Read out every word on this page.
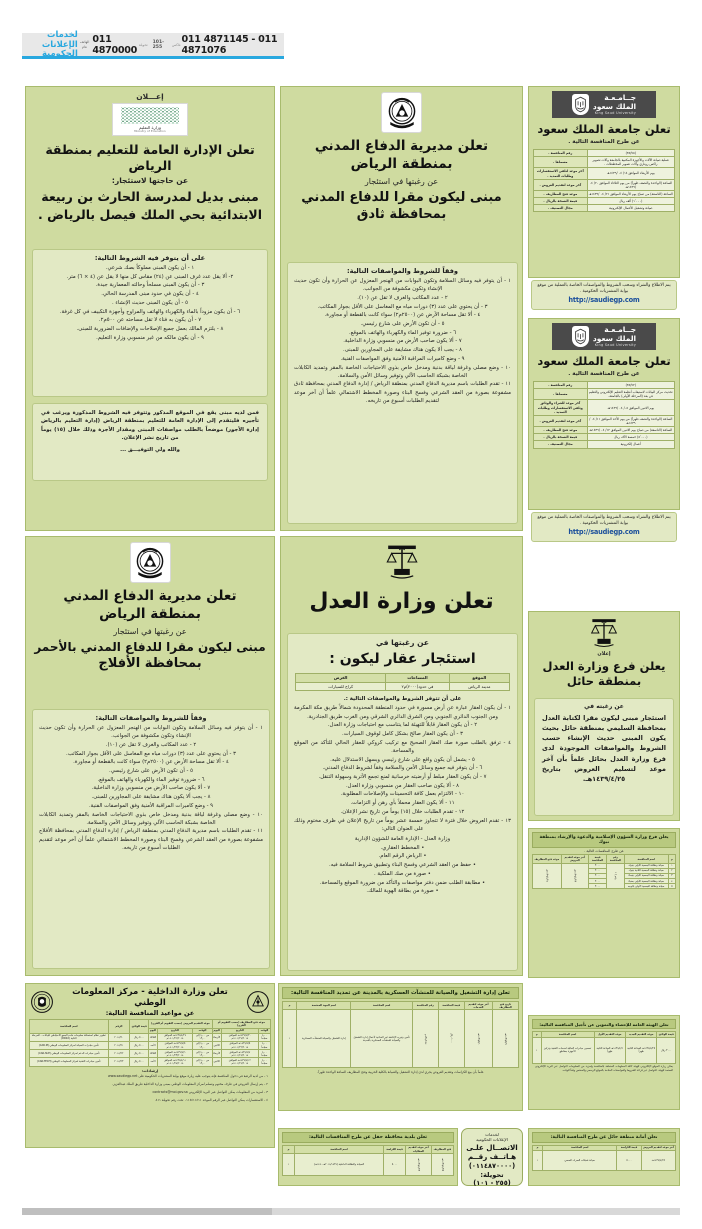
لخدمات
الإعلانات الحكومية
الهاتف
عام
011 4870000 تحويلة 101-255	فاكس 011 4871145 - 011 4871076
إعـــلان
وزارة التعليم
Ministry of Education
تعلن الإدارة العامة للتعليم بمنطقة الرياض
عن حاجتها لاستئجار:
مبنى بديل لمدرسة الحارث بن ربيعة
الابتدائية بحي الملك فيصل بالرياض .
على أن يتوفر فيه الشروط التالية:
١ - أن يكون المبنى مملوكاً بصك شرعي.
٢- ألا يقل عدد غرف المبنى عن (٢٤) مقاس كل منها لا يقل عن (٤ × ٦) متر.
٣ - أن يكون المبنى مسلحاً وحالته المعمارية جيدة.
٤ - أن يكون في حدود مبنى المدرسة الحالي.
٥ - أن يكون المبنى حديث الإنشاء .
٦ - أن يكون مزوداً بالماء والكهرباء والهاتف والمراوح وأجهزة التكييف في كل غرفة.
٧ - أن يكون به فناء لا تقل مساحته عن ٥٠٠م٢.
٨ - يلتزم المالك بعمل جميع الإصلاحات والإضافات الضرورية للمبنى.
٩ - أن يكون مالكه من غير منسوبي وزارة التعليم.
فمن لديه مبنى يقع في الموقع المذكور وتتوفر فيه الشروط المذكورة ويرغب في تأجيره فليتقدم إلى الإدارة العامة للتعليم بمنطقة الرياض (إدارة التعليم بالرياض إدارة الأجور) موضحاً بالطلب مواصفات المبنى ومقدار الأجرة وذلك خلال (١٥) يوماً من تاريخ نشر الإعلان.
والله ولي التوفيـــق ...
تعلن مديرية الدفاع المدني
بمنطقة الرياض
عن رغبتها في استئجار
مبنى ليكون مقرا للدفاع المدني
بمحافظة ثادق
وفقاً للشروط والمواصفات التالية:
١ - أن يتوفر فيه وسائل السلامة وتكون البوابات من الهنجر المعزول عن الحرارة وأن تكون حديث الإنشاء وتكون مكشوفة من الجوانب.
٢ - عدد المكاتب والغرف لا تقل عن (١٠).
٣ - أن يحتوي على عدد (٣) دورات مياه مع المغاسل على الأقل بجوار المكاتب.
٤ - ألا تقل مساحة الأرض عن (٢٥٠٠م٢) سواء كانت بالقطعة أو مجاورة.
٥ - أن تكون الأرض على شارع رئيسي.
٦ - ضرورة توفير الماء والكهرباء والهاتف بالموقع.
٧ - ألا يكون صاحب الأرض من منسوبي وزارة الداخلية.
٨ - يجب ألا يكون هناك مشايفة على المجاورين للمبنى.
٩ - وضع كاميرات المراقبة الأمنية وفق المواصفات الفنية.
١٠ - وضع مصلى وغرفة لياقة بدنية ومدخل خاص بذوي الاحتياجات الخاصة بالمقر وتمديد الكابلات الخاصة بشبكة الحاسب الآلي وتوفير وسائل الأمن والسلامة.
١١ - تقدم الطلبات باسم مديرية الدفاع المدني بمنطقة الرياض / إدارة الدفاع المدني بمحافظة ثادق مشفوعة بصورة من العقد الشرعي وفسح البناء وصورة المخطط الاشتمالي علماً أن آخر موعد لتقديم الطلبات أسبوع من تاريخه.
تعلن مديرية الدفاع المدني
بمنطقة الرياض
عن رغبتها في استئجار
مبنى ليكون مقرا للدفاع المدني بالأحمر
بمحافظة الأفلاج
وفقاً للشروط والمواصفات التالية:
١ - أن يتوفر فيه وسائل السلامة وتكون البوابات من الهنجر المعزول عن الحرارة وأن تكون حديث الإنشاء وتكون مكشوفة من الجوانب.
٢ - عدد المكاتب والغرف لا تقل عن (١٠).
٣ - أن يحتوي على عدد (٣) دورات مياه مع المغاسل على الأقل بجوار المكاتب.
٤ - ألا تقل مساحة الأرض عن (٢٥٠٠م٢) سواء كانت بالقطعة أو مجاورة.
٥ - أن تكون الأرض على شارع رئيسي.
٦ - ضرورة توفير الماء والكهرباء والهاتف بالموقع.
٧ - ألا يكون صاحب الأرض من منسوبي وزارة الداخلية.
٨ - يجب ألا يكون هناك مشايفة على المجاورين للمبنى.
٩ - وضع كاميرات المراقبة الأمنية وفق المواصفات الفنية.
١٠ - وضع مصلى وغرفة لياقة بدنية ومدخل خاص بذوي الاحتياجات الخاصة بالمقر وتمديد الكابلات الخاصة بشبكة الحاسب الآلي وتوفير وسائل الأمن والسلامة.
١١ - تقدم الطلبات باسم مديرية الدفاع المدني بمنطقة الرياض / إدارة الدفاع المدني بمحافظة الأفلاج مشفوعة بصورة من العقد الشرعي وفسح البناء وصورة المخطط الاشتمالي علماً أن آخر موعد لتقديم الطلبات أسبوع من تاريخه.
تعلن وزارة العدل
عن رغبتها في
استئجار عقار ليكون :
الموقع	المساحات	الغرض
مدينة الرياض	في حدود(٢٠٠٠)م٢	كراج للسيارات
على أن تتوفر الشروط والمواصفات التالية :.
١ - أن يكون العقار عبارة عن أرض مسورة في حدود المنطقة المحدودة شمالاً طريق مكة المكرمة ومن الجنوب الدائري الجنوبي ومن الشرق الدائري الشرقي ومن الغرب طريق الجنادرية.
٢ - أن يكون العقار قابلاً للتهيئة لما يتناسب مع احتياجات وزارة العدل.
٣ - أن يكون العقار صالح بشكل كامل لوقوف السيارات.
٤ - ترفق بالطلب صورة صك العقار الصحيح مع تركيب كروكي للعقار الحالي للتأكد من الموقع والمساحة.
٥ - يشمل أن يكون واقع على شارع رئيسي ويسهل الاستدلال عليه.
٦ - أن يتوفر فيه جميع وسائل الأمن والسلامة وفقاً لشروط الدفاع المدني.
٧ - أن يكون العقار مبلط أو أرضيته خرسانية لمنع تجمع الأتربة وسهولة التنقل.
٨ - ألا يكون صاحب العقار من منسوبي وزارة العدل.
١٠ - الالتزام بعمل كافة التحسينات والإصلاحات المطلوبة.
١١ - ألا يكون العقار محملاً بأي رهن أو التزامات.
١٢ - تقدم الطلبات خلال (١٥) يوماً من تاريخ نشر الإعلان.
١٣ - تقدم العروض خلال فترة لا تتجاوز خمسة عشر يوماً من تاريخ الإعلان في ظرف مختوم وذلك على العنوان التالي:
وزارة العدل - الإدارة العامة للشؤون الإدارية
• المخطط العقاري.
• الرياض الرقم العام.
• حفظ من العقد الشرعي وفسح البناء وتطبيق شروط السلامة فيه.
• صورة من صك الملكية .
• مطابقة الطلب ضمن دفتر مواصفات والتأكد من ضرورة الموقع والمساحة.
• صورة من بطاقة الهوية للمالك.
جــامـعـة
الملك سعود
King Saud University
تعلن جامعة الملك سعود
عن طرح المنافسة التالية .
(٣٨/٧٥)	رقم المنافسة .
عملية صيانة الآلات والأجهزة المكتبية بالجامعة وآلات تصوير راكس روتاري وآلات تصوير المخططات .	مسماها .
يوم الأربعاء الموافق ١٤/ ٠٤ /١٤٣٩هـ	آخر موعد لتلقي الاستفسارات وطلبات التمديد .
الساعة (الواحدة والنصف ظهراً) من يوم الثلاثاء الموافق ٢٠/ ٠٤ /١٤٣٩هـ	آخر موعد لتقديم العروض .
الساعة (التاسعة) من صباح يوم الأربعاء الموافق ٢١/ ٠٤ /١٤٣٩هـ	موعد فتح المظاريف .
(١٬٠٠٠) ألف ريال	قيمة النسخة بالريال .
صيانة وتشغيل الأعمال الإلكترونية	مجال التصنيف .
يتم الاطلاع والشراء وسحب الشروط والمواصفات الخاصة بالعملية من موقع بوابة المشتريات الحكومية .
http://saudiegp.com
جــامـعـة
الملك سعود
King Saud University
تعلن جامعة الملك سعود
عن طرح المنافسة التالية .
(٣٨/٧٢)	رقم المنافسة .
تحديث مركز البيانات لاستيعاب أنظمة التعليم الإلكتروني والتعليم عن بعد (المرحلة الأولى) بالجامعة.	مسماها .
يوم الاثنين الموافق ٠٥/ ٠٤ /١٤٣٩هـ	آخر موعد للشراء والوثائق وتلقي الاستفسارات وطلبات التمديد .
الساعة (الواحدة والنصف ظهراً) من يوم الأحد الموافق ١١/ ٠٤ /١٤٣٩هـ	آخر موعد لتقديم العروض .
الساعة (التاسعة) من صباح يوم الاثنين الموافق ١٢/ ٠٤ /١٤٣٩هـ	موعد فتح المظاريف .
(٥٬٠٠٠) خمسة الآف ريال	قيمة النسخة بالريال .
أعمال إلكترونية	مجال التصنيف .
يتم الاطلاع والشراء وسحب الشروط والمواصفات الخاصة بالعملية من موقع بوابة المشتريات الحكومية .
http://saudiegp.com
إعلان
يعلن فرع وزارة العدل
بمنطقة حائل
عن رغبته في
استئجار مبنى ليكون مقرا لكتابة العدل بمحافظة السليمي بمنطقة حائل بحيث يكون المبنى حديث الإنشاء حسب الشروط والمواصفات الموجودة لدى فرع وزارة العدل بحائل علماً بأن آخر موعد لتسليم العروض بتاريخ ١٤٣٩/٤/٢٥هـ.
يعلن فرع وزارة الشؤون الإسلامية والدعوة والإرشاد بمنطقة تبوك
عن طرح المنافسات التالية .
م	اسم المنافسة	رقم المنافسة	قيمة المنافسة	آخر موعد لتقديم العروض	موعد فتح المظاريف
١	صيانة ونظافة الجمعية الأولى بتبوك	رقم / ١	٣٠٠٠	١٤٣٩/٤/٢٣هـ	١٤٣٩/٤/٢٤هـ
٢	صيانة ونظافة الجمعية الثانية بتبوك		٣٠٠٠		
٣	صيانة ونظافة الجمعية الأولى بتيماء		٣٠٠٠		
٤	صيانة ونظافة الجمعية الأولى بضباء		٣٠٠٠		
٥	صيانة ونظافة الجمعية الأولى بالوجه		٣٠٠٠		
تعلن وزارة الداخلية - مركز المعلومات الوطني
عن مواعيد المنافسة التالية:
موعد فتح المظاريف (حسب التقويم أم القرى)			موعد التقديم العروض (حسب التقويم أم القرى)			قيمة الوثائق	الرقم	اسم المنافسة
الوقت	التاريخ	اليوم	الوقت	التاريخ	اليوم			
٩٫٠٠ صباحاً	١٤٣٩/٤/٣٠هـ الموافق ١٤٠١/٢٧/٢٠١٨م	الأربعاء	من ٩٫٠٠ إلى ١٣٫٠٠	١٤٣٩/٤/٢٩هـ الموافق ١٤٠١/٢٦/٢٠١٨م	الثلاثاء	٥٠٠٠ ريال	٢٠١٨/٢٠	تطوير نظام استضافة معلومات خادم الجمع الاحتياطي للبيانات - المرحلة الثانية (DR02)
٩٫٠٠ صباحاً	١٤٣٩/٤/٥هـ الموافق ١٤٠١/٢٢/٢٠١٨م	الاثنين	من ٩٫٠٠ إلى ١٣٫٠٠	١٤٣٩/٤/٥هـ الموافق ١٤٠١/٢٢/٢٠١٨م	الأحد	٥٠٠٠ ريال	٢٠١٨/٢١	تأمين مبادرات الصيانة لمركز المعلومات الوطني (CAR-M)
٩٫٠٠ صباحاً	١٤٣٩/٤/٧هـ الموافق ١٤٠١/٢٤/٢٠١٨م	الأربعاء	من ٩٫٠٠ إلى ١٣٫٠٠	١٤٣٩/٤/٦هـ الموافق ١٤٠١/٢٣/٢٠١٨م	الثلاثاء	٥٠٠٠ ريال	٢٠١٨/٢٢	تأمين مبادرات الدعم لمركز المعلومات الوطني (CAR-SUP)
٩٫٠٠ صباحاً	١٤٣٩/٤/١٢هـ الموافق ١٤٠١/٢٩/٢٠١٨م	الاثنين	من ٩٫٠٠ إلى ١٣٫٠٠	١٤٣٩/٤/١١هـ الموافق ١٤٠١/٢٨/٢٠١٨م	الأحد	٥٠٠٠ ريال	٢٠١٨/٢٣	تأمين مبادرات التقنية لمركز المعلومات الوطني (CAR-TECH)
إرشادات:
١ - من لديه الرغبة في دخول المنافسة فإنه يتوجب عليه زيارة موقع بوابة المشتريات الحكومية على www.saudiegp.net
٢ - يتم إرسال العروض في ظرف مختوم وتسلم لمركز المعلومات الوطني بمبنى وزارة الداخلية طريق الملك عبدالعزيز.
٣ - لمزيد من المعلومات يمكن التواصل عبر البريد الإلكتروني contracts@moi.gov.sa
٤ - الاستفسارات يمكن التواصل عبر الرقم الموحد ٠١١٤٤١١٤١١ تحت رقم تحويلة ٤١١.
تعلن إدارة التشغيل والصيانة للمنشآت العسكرية بالمدينة عن تمديد المنافسة التالية:
تاريخ فتح المظاريف	آخر موعد لتقديم الخدمات	قيمة المنافسة	رقم المنافسة	اسم المنافسة	اسم الجهة المختصة	م
١٤٣٩/٥/٦هـ	١٤٣٩/٥/٠هـ	١٠٠٠ ريال	٤٣٨/٧٧٤م	تأمين وتوريد الإعاشة غير الغذائية لأعمال إدارة التشغيل والصيانة للمنشآت العسكرية بالمدينة	إدارة التشغيل والصيانة للمنشآت العسكرية	١
علماً بأن بيع الكراسات وتقديم العروض يجري لدى إدارة التشغيل والصيانة بالكلية الحربية وفتح المظاريف الساعة الواحدة ظهراً.
تعلن بلدية محافظة حقل عن طرح المنافسات التالية:
فتح المظاريف	آخر موعد لتقديم العطاءات	قيمة الكراسة	اسم المنافسة	م
١٤٣٩/٤/٢٥هـ	١٤٣٩/٤/٢٣هـ	٥٠٠٠	الصيانة والنظافة الداخلية (٢٠١٨/١٤٣٩هـ-١٤٤٠هـ)	١
لخدمات
الإعلانات الحكومية
الاتصــال علـى
هـاتــف رقــم
(٠١١٤٨٧٠٠٠٠)
تحويلة:
(٢٥٥ - ١٠١)
تعلن الهيئة العامة للإحصاء والتموين عن تأجيل المنافسة التالية:
قيمة الوثائق	موعد التقديم الجديد	موعد التقديم الأول	اسم المنافسة	م
٣٠٠٠ ريال	١٤٣٩/٤/٢٥هـ الساعة الثانية ظهراً	١٤٣٩/٤/٦هـ الساعة الثانية ظهراً	تحسين مبادرات الحالية لخدمات التقنية وتركيز الأجهزة بمقاطع	١
يمكن زيارة الموقع الإلكتروني للهيئة كافة المعلومات المتعلقة بالمنافسة ولمزيد من المعلومات التواصل عبر البريد الإلكتروني المعتمد للهيئة. للتواصل عبر قراءة الشروط والمواصفات المتاحة بالموقع الرسمي والمختص وفقاً للوقت.
تعلن أمانة منطقة حائل عن طرح المنافسة التالية:
آخر موعد لتقديم العروض	قيمة الكراسة	اسم المنافسة	م
١٤٣٩/٤/٢٥هـ	٥٠٠٠	صيانة شبكات الصرف الصحي	١
